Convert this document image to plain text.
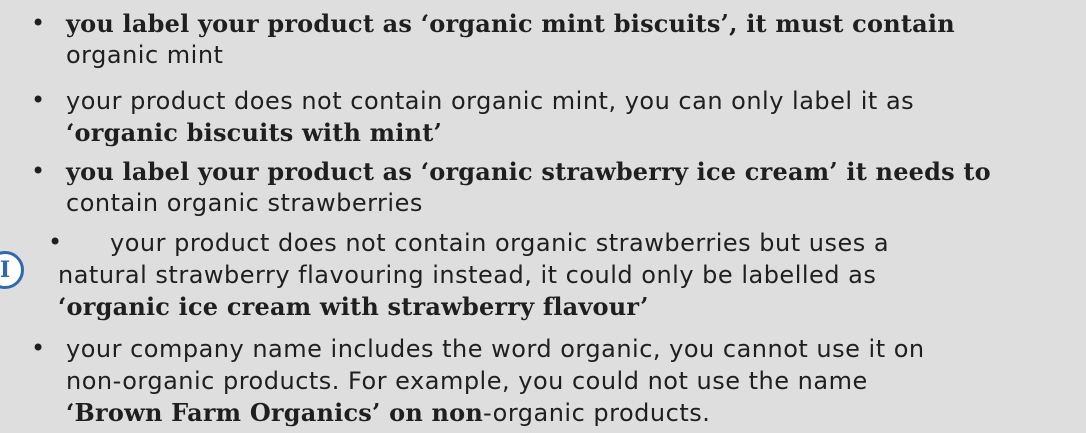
• you label your product as ‘organic mint biscuits’, it must contain
organic mint
• your product does not contain organic mint, you can only label it as
‘organic biscuits with mint’
• you label your product as ‘organic strawberry ice cream’ it needs to
contain organic strawberries
• your product does not contain organic strawberries but uses a
natural strawberry flavouring instead, it could only be labelled as
‘organic ice cream with strawberry flavour’
• your company name includes the word organic, you cannot use it on
non-organic products. For example, you could not use the name
‘Brown Farm Organics’ on non-organic products.
I
